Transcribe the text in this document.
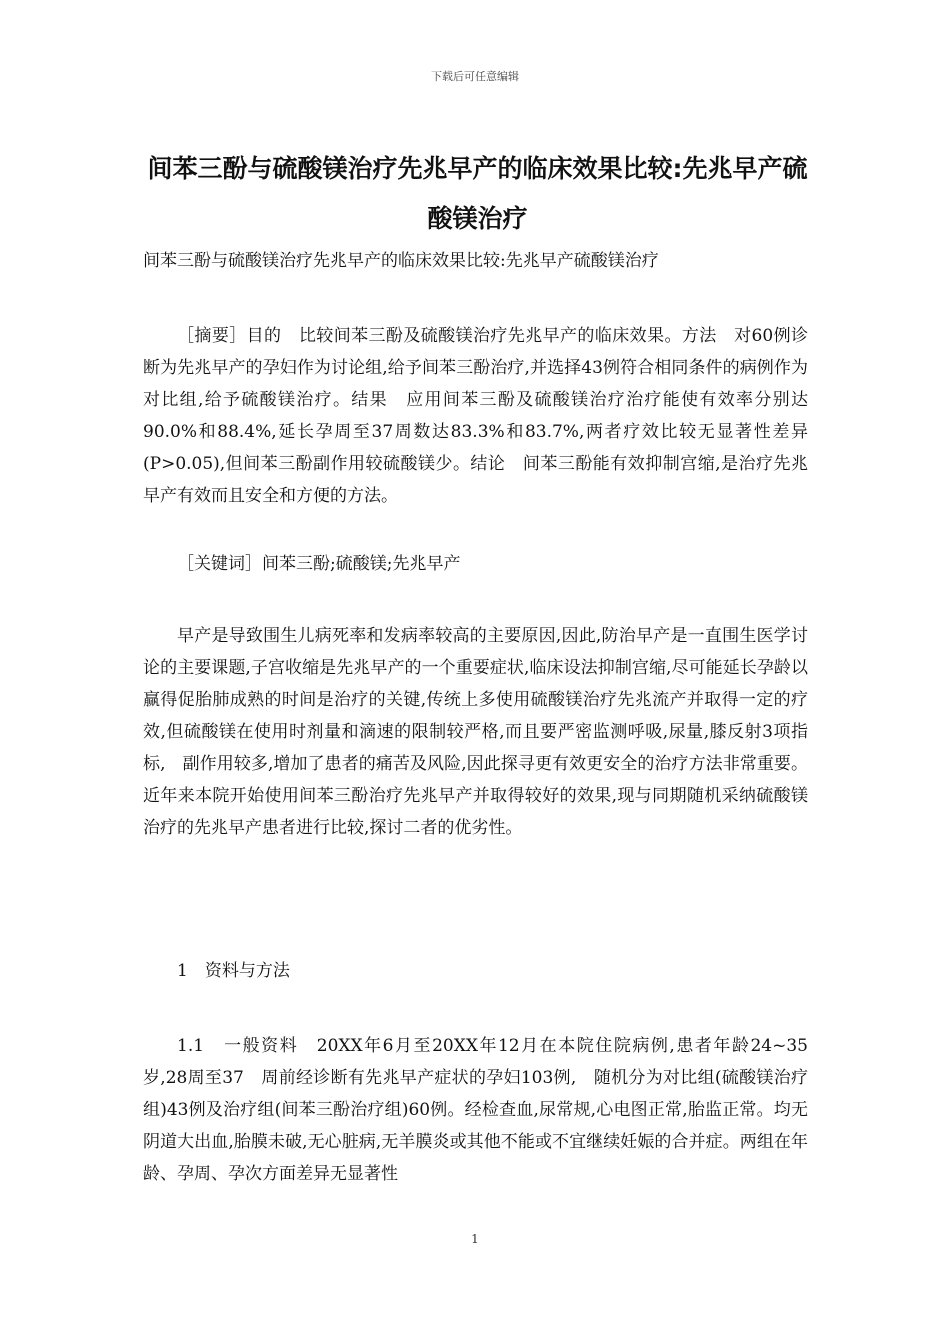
下载后可任意编辑
间苯三酚与硫酸镁治疗先兆早产的临床效果比较:先兆早产硫酸镁治疗
间苯三酚与硫酸镁治疗先兆早产的临床效果比较:先兆早产硫酸镁治疗

［摘要］目的　比较间苯三酚及硫酸镁治疗先兆早产的临床效果。方法　对60例诊断为先兆早产的孕妇作为讨论组,给予间苯三酚治疗,并选择43例符合相同条件的病例作为对比组,给予硫酸镁治疗。结果　应用间苯三酚及硫酸镁治疗治疗能使有效率分别达90.0%和88.4%,延长孕周至37周数达83.3%和83.7%,两者疗效比较无显著性差异(P>0.05),但间苯三酚副作用较硫酸镁少。结论　间苯三酚能有效抑制宫缩,是治疗先兆早产有效而且安全和方便的方法。

［关键词］间苯三酚;硫酸镁;先兆早产

早产是导致围生儿病死率和发病率较高的主要原因,因此,防治早产是一直围生医学讨论的主要课题,子宫收缩是先兆早产的一个重要症状,临床设法抑制宫缩,尽可能延长孕龄以赢得促胎肺成熟的时间是治疗的关键,传统上多使用硫酸镁治疗先兆流产并取得一定的疗效,但硫酸镁在使用时剂量和滴速的限制较严格,而且要严密监测呼吸,尿量,膝反射3项指标,　副作用较多,增加了患者的痛苦及风险,因此探寻更有效更安全的治疗方法非常重要。近年来本院开始使用间苯三酚治疗先兆早产并取得较好的效果,现与同期随机采纳硫酸镁治疗的先兆早产患者进行比较,探讨二者的优劣性。

1　资料与方法

1.1　一般资料　20XX年6月至20XX年12月在本院住院病例,患者年龄24~35岁,28周至37　周前经诊断有先兆早产症状的孕妇103例,　随机分为对比组(硫酸镁治疗组)43例及治疗组(间苯三酚治疗组)60例。经检查血,尿常规,心电图正常,胎监正常。均无阴道大出血,胎膜未破,无心脏病,无羊膜炎或其他不能或不宜继续妊娠的合并症。两组在年龄、孕周、孕次方面差异无显著性

1
